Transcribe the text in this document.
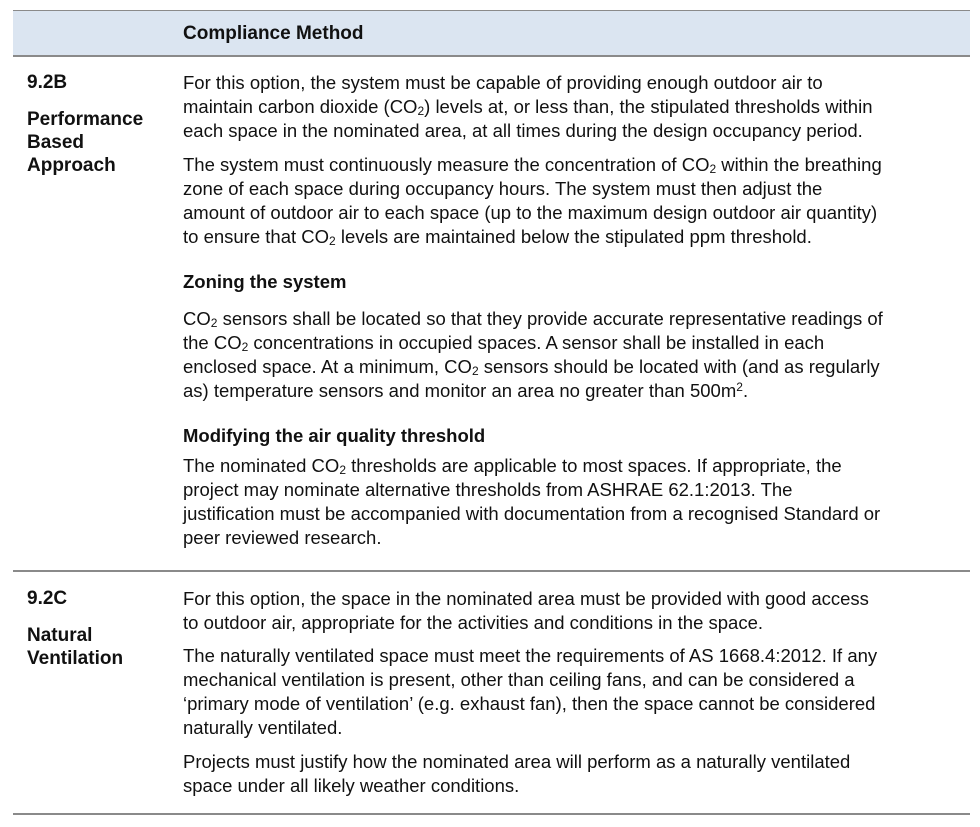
Compliance Method
9.2B
Performance
Based
Approach

For this option, the system must be capable of providing enough outdoor air to

maintain carbon dioxide $(CO_2)$ levels at, or less than, the stipulated thresholds within

each space in the nominated area, at all times during the design occupancy period.

The system must continuously measure the concentration of $CO_2$ within the breathing

zone of each space during occupancy hours. The system must then adjust the

amount of outdoor air to each space (up to the maximum design outdoor air quantity)

to ensure that $CO_2$ levels are maintained below the stipulated ppm threshold.

Zoning the system

$CO_2$ sensors shall be located so that they provide accurate representative readings of

the $CO_2$ concentrations in occupied spaces. A sensor shall be installed in each

enclosed space. At a minimum, $CO_2$ sensors should be located with (and as regularly

as) temperature sensors and monitor an area no greater than $500m^2$.

Modifying the air quality threshold

The nominated $CO_2$ thresholds are applicable to most spaces. If appropriate, the

project may nominate alternative thresholds from ASHRAE 62.1:2013. The

justification must be accompanied with documentation from a recognised Standard or

peer reviewed research.

9.2C
Natural
Ventilation

For this option, the space in the nominated area must be provided with good access

to outdoor air, appropriate for the activities and conditions in the space.

The naturally ventilated space must meet the requirements of AS 1668.4:2012. If any

mechanical ventilation is present, other than ceiling fans, and can be considered a

‘primary mode of ventilation’ (e.g. exhaust fan), then the space cannot be considered

naturally ventilated.

Projects must justify how the nominated area will perform as a naturally ventilated

space under all likely weather conditions.
